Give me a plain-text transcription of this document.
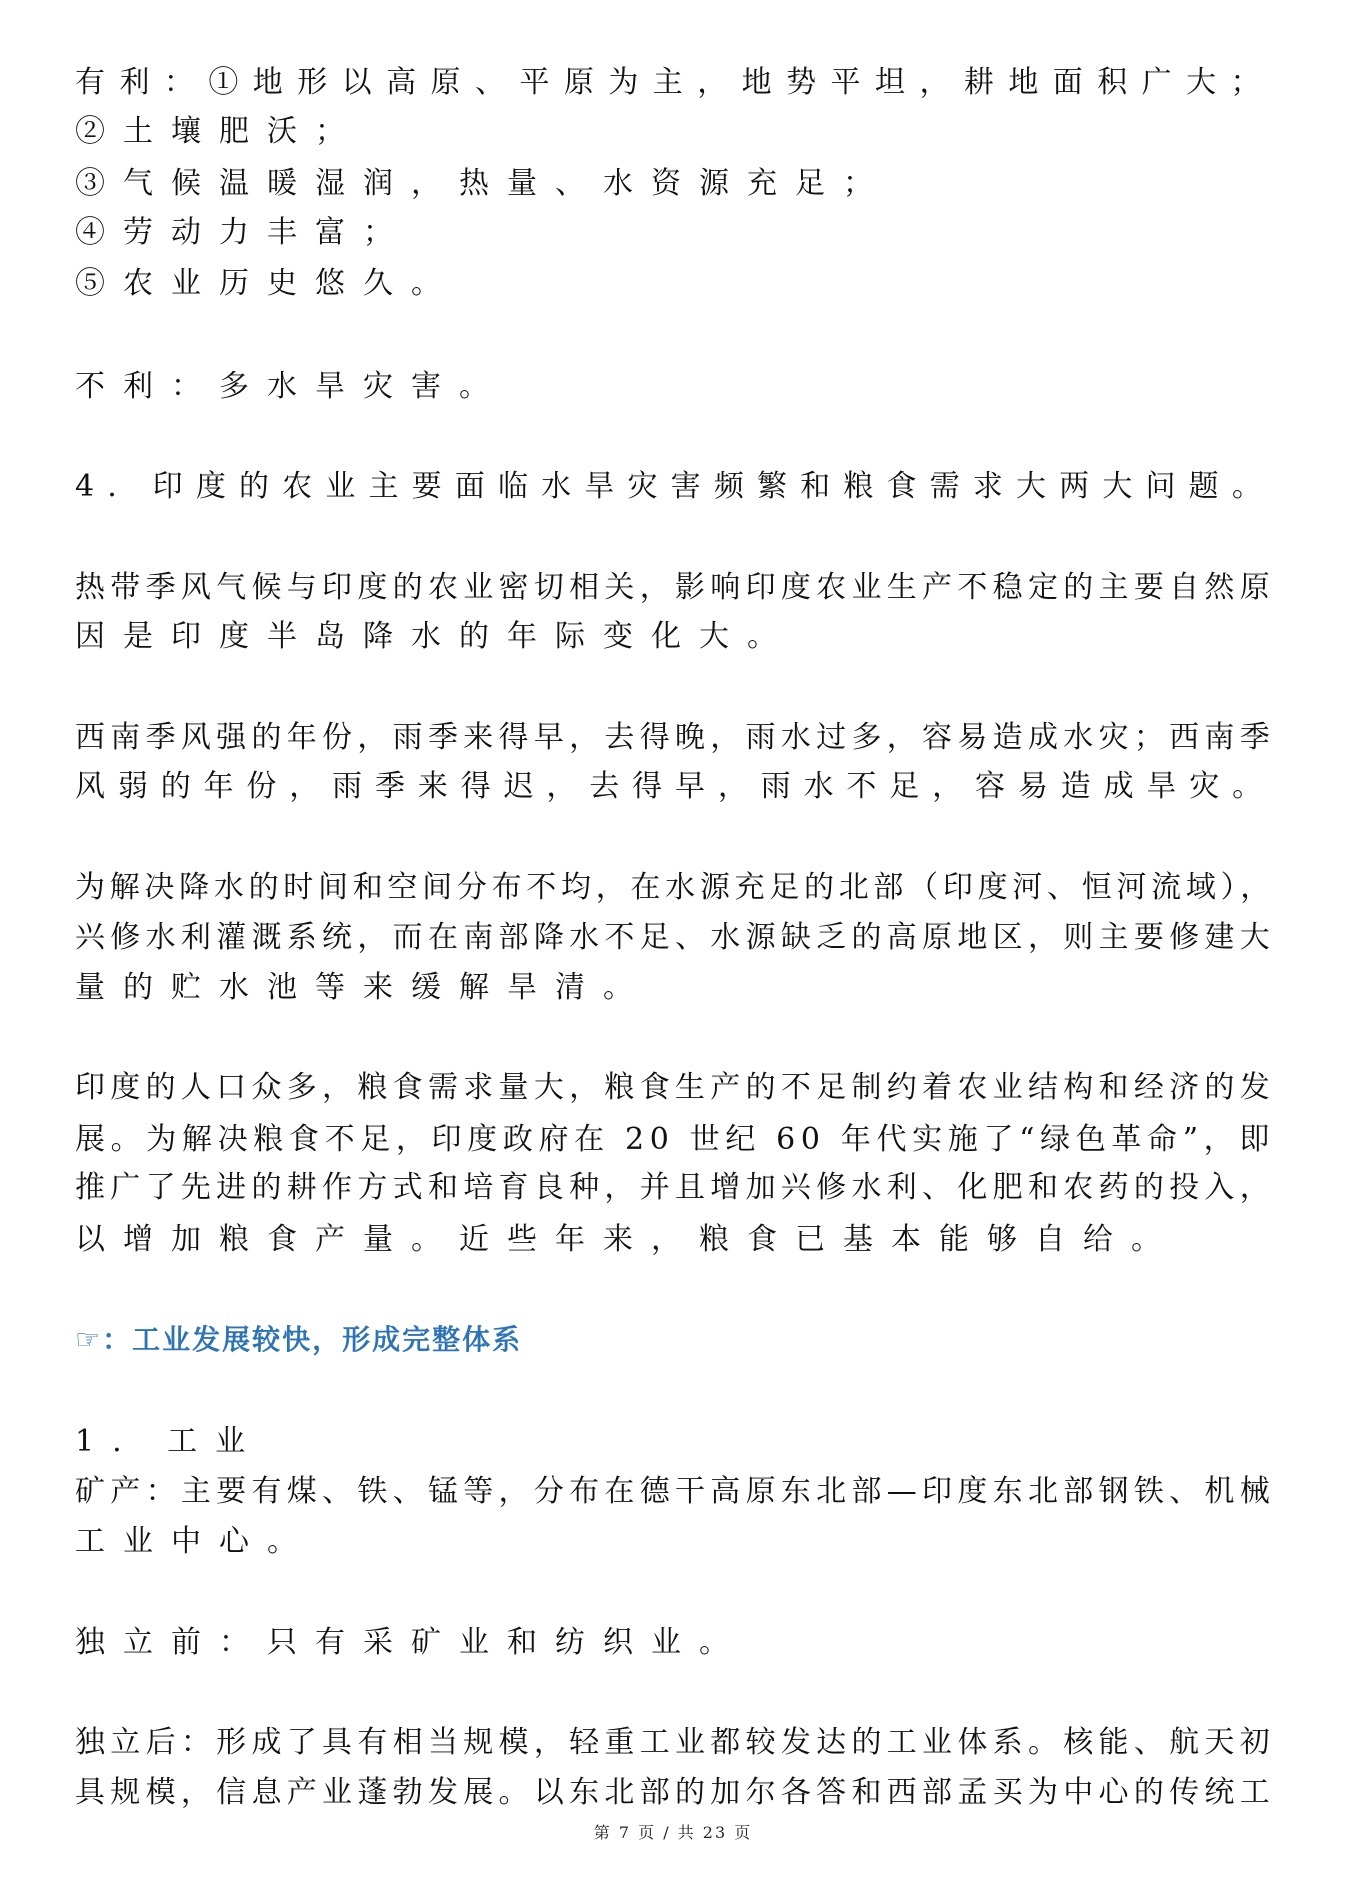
有利：①地形以高原、平原为主，地势平坦，耕地面积广大；
②土壤肥沃；
③气候温暖湿润，热量、水资源充足；
④劳动力丰富；
⑤农业历史悠久。
不利：多水旱灾害。
4. 印度的农业主要面临水旱灾害频繁和粮食需求大两大问题。
热带季风气候与印度的农业密切相关，影响印度农业生产不稳定的主要自然原
因是印度半岛降水的年际变化大。
西南季风强的年份，雨季来得早，去得晚，雨水过多，容易造成水灾；西南季
风弱的年份，雨季来得迟，去得早，雨水不足，容易造成旱灾。
为解决降水的时间和空间分布不均，在水源充足的北部（印度河、恒河流域），
兴修水利灌溉系统，而在南部降水不足、水源缺乏的高原地区，则主要修建大
量的贮水池等来缓解旱清。
印度的人口众多，粮食需求量大，粮食生产的不足制约着农业结构和经济的发
展。为解决粮食不足，印度政府在 20 世纪 60 年代实施了“绿色革命”，即
推广了先进的耕作方式和培育良种，并且增加兴修水利、化肥和农药的投入，
以增加粮食产量。近些年来，粮食已基本能够自给。
☞：工业发展较快，形成完整体系
1. 工业
矿产：主要有煤、铁、锰等，分布在德干高原东北部—印度东北部钢铁、机械
工业中心。
独立前：只有采矿业和纺织业。
独立后：形成了具有相当规模，轻重工业都较发达的工业体系。核能、航天初
具规模，信息产业蓬勃发展。以东北部的加尔各答和西部孟买为中心的传统工
第 7 页 / 共 23 页
